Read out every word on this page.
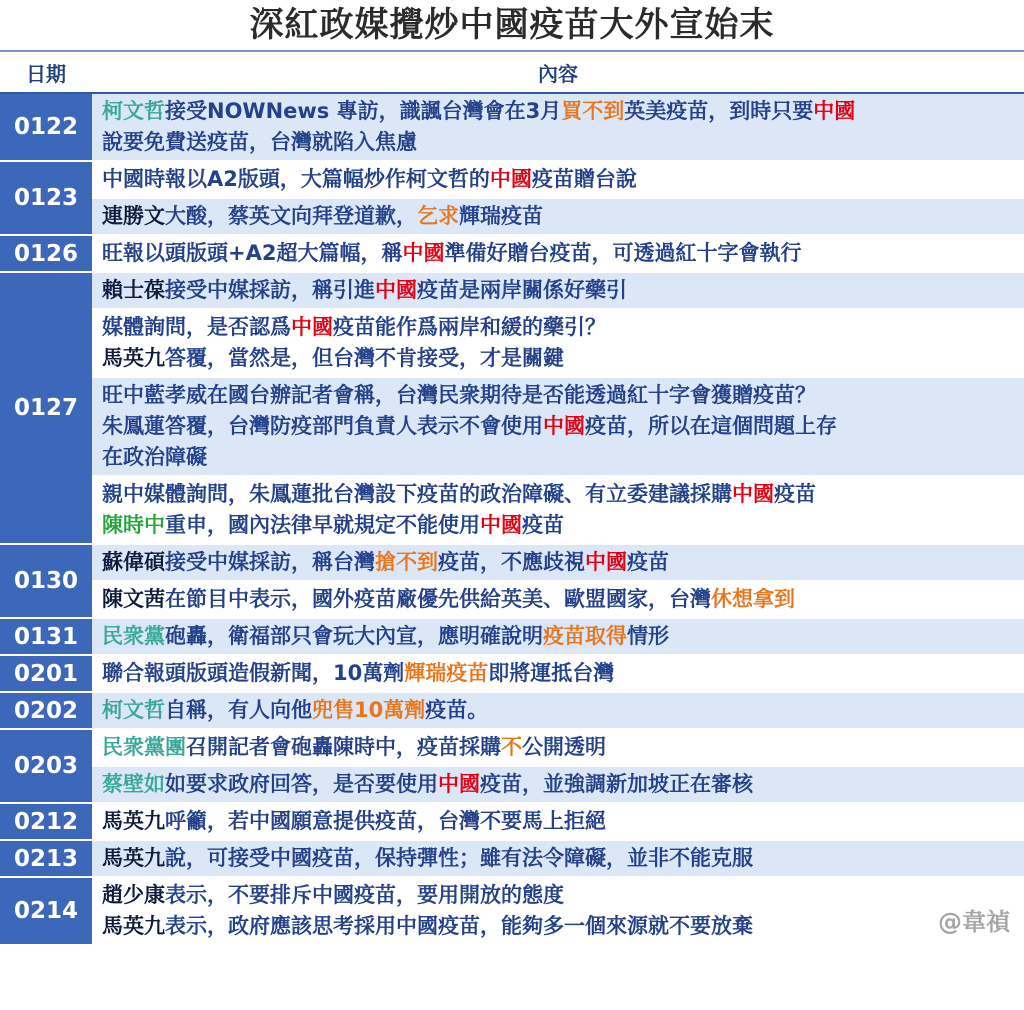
深紅政媒攪炒中國疫苗大外宣始末
日期	內容
0122	柯文哲接受NOWNews 專訪，識諷台灣會在3月買不到英美疫苗，到時只要中國
說要免費送疫苗，台灣就陷入焦慮

0123	中國時報以A2版頭，大篇幅炒作柯文哲的中國疫苗贈台說

	連勝文大酸，蔡英文向拜登道歉，乞求輝瑞疫苗

0126	旺報以頭版頭+A2超大篇幅，稱中國準備好贈台疫苗，可透過紅十字會執行

0127	賴士葆接受中媒採訪，稱引進中國疫苗是兩岸關係好藥引

	媒體詢問，是否認爲中國疫苗能作爲兩岸和緩的藥引？
馬英九答覆，當然是，但台灣不肯接受，才是關鍵

	旺中藍孝威在國台辦記者會稱，台灣民衆期待是否能透過紅十字會獲贈疫苗？
朱鳳蓮答覆，台灣防疫部門負責人表示不會使用中國疫苗，所以在這個問題上存
在政治障礙

	親中媒體詢問，朱鳳蓮批台灣設下疫苗的政治障礙、有立委建議採購中國疫苗
陳時中重申，國內法律早就規定不能使用中國疫苗

0130	蘇偉碩接受中媒採訪，稱台灣搶不到疫苗，不應歧視中國疫苗

	陳文茜在節目中表示，國外疫苗廠優先供給英美、歐盟國家，台灣休想拿到

0131	民衆黨砲轟，衛福部只會玩大內宣，應明確說明疫苗取得情形

0201	聯合報頭版頭造假新聞，10萬劑輝瑞疫苗即將運抵台灣

0202	柯文哲自稱，有人向他兜售10萬劑疫苗。

0203	民衆黨團召開記者會砲轟陳時中，疫苗採購不公開透明

	蔡壁如如要求政府回答，是否要使用中國疫苗，並強調新加坡正在審核

0212	馬英九呼籲，若中國願意提供疫苗，台灣不要馬上拒絕

0213	馬英九說，可接受中國疫苗，保持彈性；雖有法令障礙，並非不能克服

0214	趙少康表示，不要排斥中國疫苗，要用開放的態度
馬英九表示，政府應該思考採用中國疫苗，能夠多一個來源就不要放棄 @韋禎
